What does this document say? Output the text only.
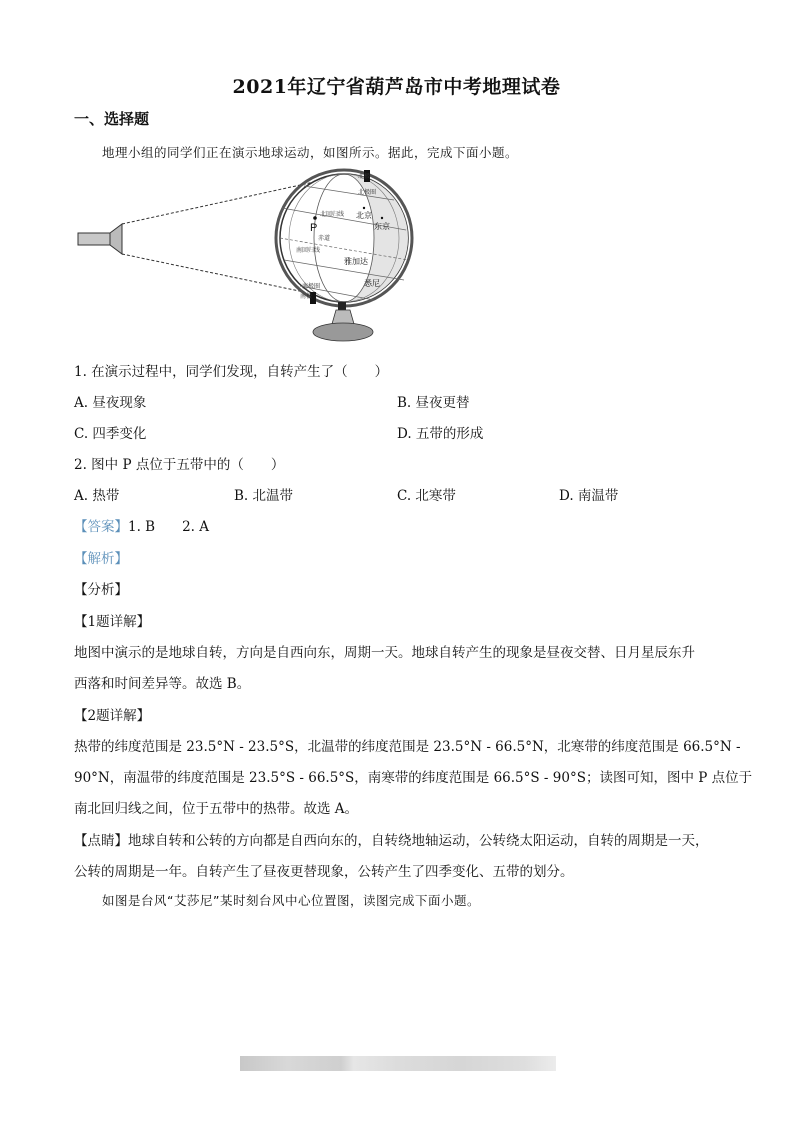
2021年辽宁省葫芦岛市中考地理试卷
一、选择题
地理小组的同学们正在演示地球运动，如图所示。据此，完成下面小题。
北极
北极圈
北回归线
赤道
南回归线
南极圈
南极
P
北京
东京
雅加达
悉尼
1. 在演示过程中，同学们发现，自转产生了（　　）
A. 昼夜现象	B. 昼夜更替
C. 四季变化	D. 五带的形成
2. 图中 P 点位于五带中的（　　）
A. 热带	B. 北温带	C. 北寒带	D. 南温带
【答案】1. B　　2. A
【解析】
【分析】
【1题详解】
地图中演示的是地球自转，方向是自西向东，周期一天。地球自转产生的现象是昼夜交替、日月星辰东升
西落和时间差异等。故选 B。
【2题详解】
热带的纬度范围是 23.5°N - 23.5°S，北温带的纬度范围是 23.5°N - 66.5°N，北寒带的纬度范围是 66.5°N -
90°N，南温带的纬度范围是 23.5°S - 66.5°S，南寒带的纬度范围是 66.5°S - 90°S；读图可知，图中 P 点位于
南北回归线之间，位于五带中的热带。故选 A。
【点睛】地球自转和公转的方向都是自西向东的，自转绕地轴运动，公转绕太阳运动，自转的周期是一天，
公转的周期是一年。自转产生了昼夜更替现象，公转产生了四季变化、五带的划分。
如图是台风“艾莎尼”某时刻台风中心位置图，读图完成下面小题。
